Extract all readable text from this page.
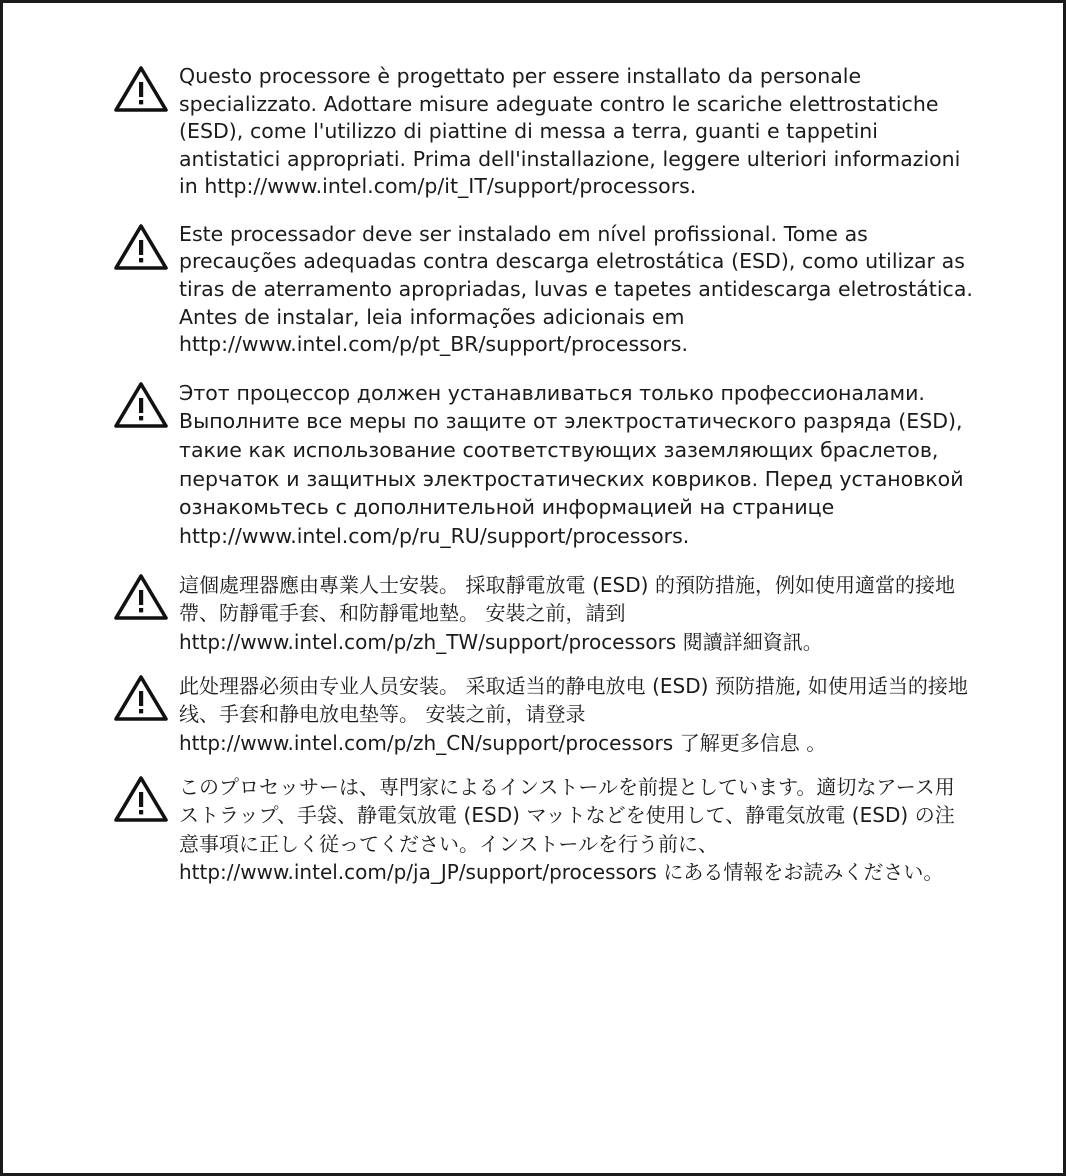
Questo processore è progettato per essere installato da personale specializzato. Adottare misure adeguate contro le scariche elettrostatiche (ESD), come l'utilizzo di piattine di messa a terra, guanti e tappetini antistatici appropriati. Prima dell'installazione, leggere ulteriori informazioni in http://www.intel.com/p/it_IT/support/processors.
Este processador deve ser instalado em nível profissional. Tome as precauções adequadas contra descarga eletrostática (ESD), como utilizar as tiras de aterramento apropriadas, luvas e tapetes antidescarga eletrostática. Antes de instalar, leia informações adicionais em http://www.intel.com/p/pt_BR/support/processors.
Этот процессор должен устанавливаться только профессионалами. Выполните все меры по защите от электростатического разряда (ESD), такие как использование соответствующих заземляющих браслетов, перчаток и защитных электростатических ковриков. Перед установкой ознакомьтесь с дополнительной информацией на странице http://www.intel.com/p/ru_RU/support/processors.
這個處理器應由專業人士安裝。 採取靜電放電 (ESD) 的預防措施，例如使用適當的接地帶、防靜電手套、和防靜電地墊。 安裝之前，請到 http://www.intel.com/p/zh_TW/support/processors 閱讀詳細資訊。
此处理器必须由专业人员安装。 采取适当的静电放电 (ESD) 预防措施, 如使用适当的接地线、手套和静电放电垫等。 安装之前，请登录 http://www.intel.com/p/zh_CN/support/processors 了解更多信息 。
このプロセッサーは、専門家によるインストールを前提としています。適切なアース用ストラップ、手袋、静電気放電 (ESD) マットなどを使用して、静電気放電 (ESD) の注意事項に正しく従ってください。インストールを行う前に、http://www.intel.com/p/ja_JP/support/processors にある情報をお読みください。
